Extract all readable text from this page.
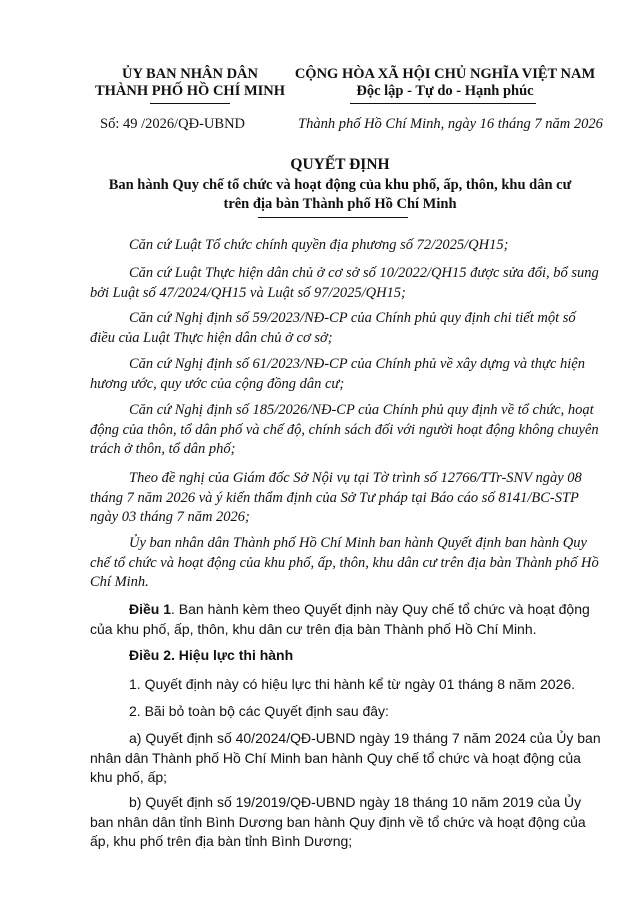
ỦY BAN NHÂN DÂN
THÀNH PHỐ HỒ CHÍ MINH
CỘNG HÒA XÃ HỘI CHỦ NGHĨA VIỆT NAM
Độc lập - Tự do - Hạnh phúc
Số: 49 /2026/QĐ-UBND	Thành phố Hồ Chí Minh, ngày 16 tháng 7 năm 2026
QUYẾT ĐỊNH
Ban hành Quy chế tổ chức và hoạt động của khu phố, ấp, thôn, khu dân cư
trên địa bàn Thành phố Hồ Chí Minh
Căn cứ Luật Tổ chức chính quyền địa phương số 72/2025/QH15;
Căn cứ Luật Thực hiện dân chủ ở cơ sở số 10/2022/QH15 được sửa đổi, bổ sung bởi Luật số 47/2024/QH15 và Luật số 97/2025/QH15;
Căn cứ Nghị định số 59/2023/NĐ-CP của Chính phủ quy định chi tiết một số điều của Luật Thực hiện dân chủ ở cơ sở;
Căn cứ Nghị định số 61/2023/NĐ-CP của Chính phủ về xây dựng và thực hiện hương ước, quy ước của cộng đồng dân cư;
Căn cứ Nghị định số 185/2026/NĐ-CP của Chính phủ quy định về tổ chức, hoạt động của thôn, tổ dân phố và chế độ, chính sách đối với người hoạt động không chuyên trách ở thôn, tổ dân phố;
Theo đề nghị của Giám đốc Sở Nội vụ tại Tờ trình số 12766/TTr-SNV ngày 08 tháng 7 năm 2026 và ý kiến thẩm định của Sở Tư pháp tại Báo cáo số 8141/BC-STP ngày 03 tháng 7 năm 2026;
Ủy ban nhân dân Thành phố Hồ Chí Minh ban hành Quyết định ban hành Quy chế tổ chức và hoạt động của khu phố, ấp, thôn, khu dân cư trên địa bàn Thành phố Hồ Chí Minh.
Điều 1. Ban hành kèm theo Quyết định này Quy chế tổ chức và hoạt động của khu phố, ấp, thôn, khu dân cư trên địa bàn Thành phố Hồ Chí Minh.
Điều 2. Hiệu lực thi hành
1. Quyết định này có hiệu lực thi hành kể từ ngày 01 tháng 8 năm 2026.
2. Bãi bỏ toàn bộ các Quyết định sau đây:
a) Quyết định số 40/2024/QĐ-UBND ngày 19 tháng 7 năm 2024 của Ủy ban nhân dân Thành phố Hồ Chí Minh ban hành Quy chế tổ chức và hoạt động của khu phố, ấp;
b) Quyết định số 19/2019/QĐ-UBND ngày 18 tháng 10 năm 2019 của Ủy ban nhân dân tỉnh Bình Dương ban hành Quy định về tổ chức và hoạt động của ấp, khu phố trên địa bàn tỉnh Bình Dương;
